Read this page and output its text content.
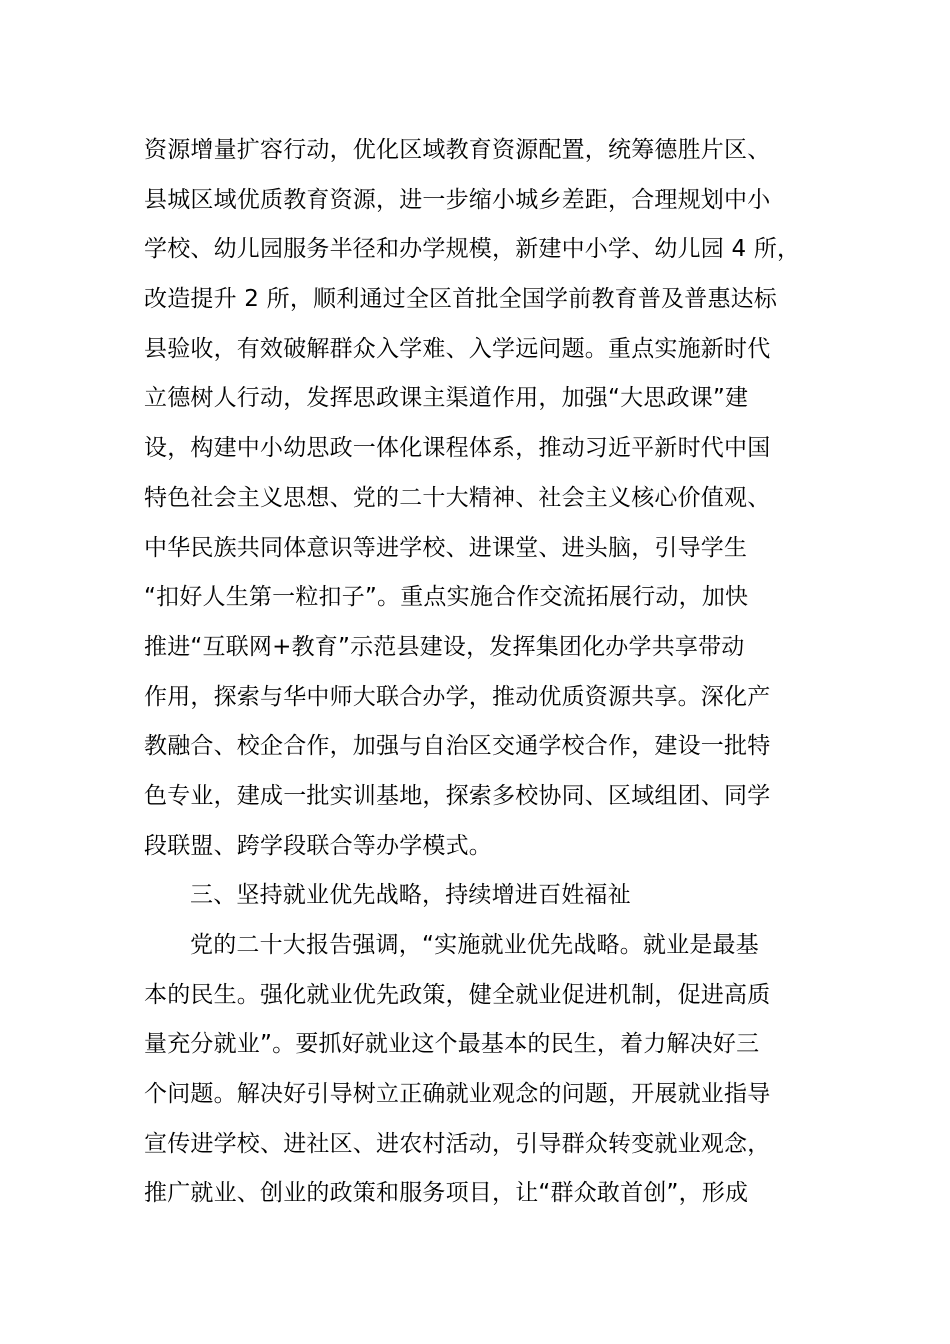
资源增量扩容行动，优化区域教育资源配置，统筹德胜片区、
县城区域优质教育资源，进一步缩小城乡差距，合理规划中小
学校、幼儿园服务半径和办学规模，新建中小学、幼儿园 4 所，
改造提升 2 所，顺利通过全区首批全国学前教育普及普惠达标
县验收，有效破解群众入学难、入学远问题。重点实施新时代
立德树人行动，发挥思政课主渠道作用，加强“大思政课”建
设，构建中小幼思政一体化课程体系，推动习近平新时代中国
特色社会主义思想、党的二十大精神、社会主义核心价值观、
中华民族共同体意识等进学校、进课堂、进头脑，引导学生
“扣好人生第一粒扣子”。重点实施合作交流拓展行动，加快
推进“互联网+教育”示范县建设，发挥集团化办学共享带动
作用，探索与华中师大联合办学，推动优质资源共享。深化产
教融合、校企合作，加强与自治区交通学校合作，建设一批特
色专业，建成一批实训基地，探索多校协同、区域组团、同学
段联盟、跨学段联合等办学模式。
三、坚持就业优先战略，持续增进百姓福祉
党的二十大报告强调，“实施就业优先战略。就业是最基
本的民生。强化就业优先政策，健全就业促进机制，促进高质
量充分就业”。要抓好就业这个最基本的民生，着力解决好三
个问题。解决好引导树立正确就业观念的问题，开展就业指导
宣传进学校、进社区、进农村活动，引导群众转变就业观念，
推广就业、创业的政策和服务项目，让“群众敢首创”，形成
